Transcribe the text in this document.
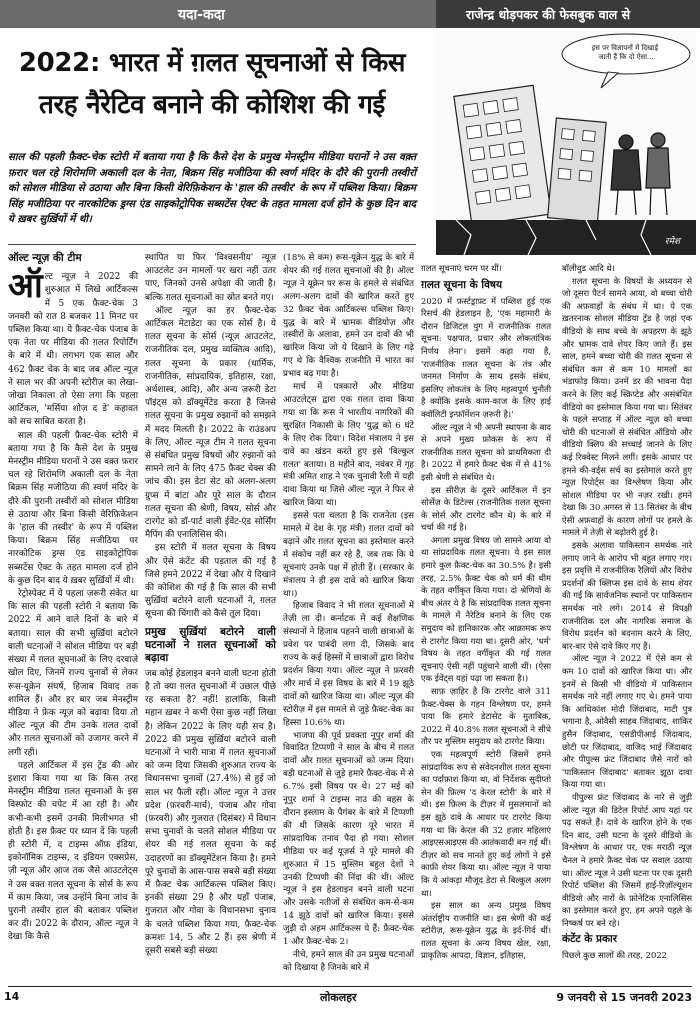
यदा-कदा	राजेन्द्र धोड़पकर की फेसबुक वाल से
2022: भारत में ग़लत सूचनाओं से किस तरह नैरेटिव बनाने की कोशिश की गई
इस पर विज्ञापनों में दिखाई जाती हैं कि दो ऐसा...
रमेश

साल की पहली फ़ैक्ट-चेक स्टोरी में बताया गया है कि कैसे देश के प्रमुख मेनस्ट्रीम मीडिया घरानों ने उस वक़्त फ़रार चल रहे शिरोमणि अकाली दल के नेता, बिक्रम सिंह मजीठिया की स्वर्ण मंदिर के दौरे की पुरानी तस्वीरों को सोशल मीडिया से उठाया और बिना किसी वेरिफ़िकेशन के 'हाल की तस्वीर' के रूप में पब्लिश किया। बिक्रम सिंह मजीठिया पर नारकोटिक ड्रग्स एंड साइकोट्रोपिक सब्सटेंस ऐक्ट के तहत मामला दर्ज होने के कुछ दिन बाद ये ख़बर सुर्ख़ियों में थी।

ऑल्ट न्यूज़ की टीम

ऑल्ट न्यूज़ ने 2022 की शुरुआत में लिखे आर्टिकल्स में 5 एक फ़ैक्ट-चेक 3 जनवरी को रात 8 बजकर 11 मिनट पर पब्लिश किया था। ये फ़ैक्ट-चेक पंजाब के एक नेता पर मीडिया की ग़लत रिपोर्टिंग के बारे में थी। लगभग एक साल और 462 फ़ैक्ट चेक के बाद जब ऑल्ट न्यूज़ ने साल भर की अपनी स्टोरीज़ का लेखा-जोखा निकाला तो ऐसा लगा कि पहला आर्टिकल, 'मर्सिया शोज़ द डे' कहावत को सच साबित करता है।

साल की पहली फ़ैक्ट-चेक स्टोरी में बताया गया है कि कैसे देश के प्रमुख मेनस्ट्रीम मीडिया घरानों ने उस वक़्त फ़रार चल रहे शिरोमणि अकाली दल के नेता बिक्रम सिंह मजीठिया की स्वर्ण मंदिर के दौरे की पुरानी तस्वीरों को सोशल मीडिया से उठाया और बिना किसी वेरिफ़िकेशन के 'हाल की तस्वीर' के रूप में पब्लिश किया। बिक्रम सिंह मजीठिया पर नारकोटिक ड्रग्स एंड साइकोट्रोपिक सब्सटेंस ऐक्ट के तहत मामला दर्ज होने के कुछ दिन बाद ये ख़बर सुर्ख़ियों में थी।

रेट्रोस्पेक्ट में ये पहला ज़रूरी संकेत था कि साल की पहली स्टोरी ने बताया कि 2022 में आने वाले दिनों के बारे में बताया। साल की सभी सुर्ख़ियां बटोरने वाली घटनाओं ने सोशल मीडिया पर बड़ी संख्या में ग़लत सूचनाओं के लिए दरवाज़े खोल दिए, जिनमें राज्य चुनावों से लेकर रूस-यूक्रेन संघर्ष, हिजाब विवाद तक शामिल हैं। और हर बार जब मेनस्ट्रीम मीडिया ने फ़ेक न्यूज़ को बढ़ावा दिया तो ऑल्ट न्यूज़ की टीम उनके ग़लत दावों और ग़लत सूचनाओं को उजागर करने में लगी रही।

पहले आर्टिकल में इस ट्रेंड की ओर इशारा किया गया था कि किस तरह मेनस्ट्रीम मीडिया ग़लत सूचनाओं के इस विस्फोट की चपेट में आ रही है। और कभी-कभी इसमें उनकी मिलीभगत भी होती है। इस फ़ैक्ट पर ध्यान दें कि पहली ही स्टोरी में, द टाइम्स ऑफ़ इंडिया, इकोनॉमिक टाइम्स, द इंडियन एक्सप्रेस, ज़ी न्यूज़ और आज तक जैसे आउटलेट्स ने उस वक़्त ग़लत सूचना के सोर्स के रूप में काम किया, जब उन्होंने बिना जांच के पुरानी तस्वीर हाल की बताकर पब्लिश कर दी। 2022 के दौरान, ऑल्ट न्यूज़ ने देखा कि कैसे

स्थापित या फिर 'विश्वसनीय' न्यूज़ आउटलेट उन मामलों पर खरा नहीं उतर पाए, जिनको उनसे अपेक्षा की जाती है। बल्कि ग़लत सूचनाओं का स्रोत बनते गए।

ऑल्ट न्यूज़ का हर फ़ैक्ट-चेक आर्टिकल मेटाडेटा का एक सोर्स है। ये ग़लत सूचना के सोर्स (न्यूज़ आउटलेट, राजनीतिक दल, प्रमुख व्यक्तित्व आदि), ग़लत सूचना के प्रकार (धार्मिक, राजनीतिक, सांप्रदायिक, इतिहास, रक्षा, अर्थशास्त्र, आदि), और अन्य ज़रूरी डेटा पॉइंट्स को डॉक्यूमेंटेड करता है जिनसे ग़लत सूचना के प्रमुख रुझानों को समझने में मदद मिलती है। 2022 के राउंडअप के लिए, ऑल्ट न्यूज़ टीम ने ग़लत सूचना से संबंधित प्रमुख विषयों और रुझानों को सामने लाने के लिए 475 फ़ैक्ट चेक्स की जांच की। इस डेटा सेट को अलग-अलग ग्रुप्स में बांटा और पूरे साल के दौरान ग़लत सूचना की श्रेणी, विषय, सोर्स और टारगेट को डॉ-पार्ट वाली ईवेंट-एंड सोर्सिंग मैपिंग की एनालिसिस की।

इस स्टोरी में ग़लत सूचना के विषय और ऐसे कंटेंट की पड़ताल की गई है जिसे हमने 2022 में देखा और ये दिखाने की कोशिश की गई है कि साल की सभी सुर्ख़ियां बटोरने वाली घटनाओं ने, ग़लत सूचना की चिंगारी को कैसे तूल दिया।

प्रमुख सुर्ख़ियां बटोरने वाली घटनाओं ने ग़लत सूचनाओं को बढ़ावा

जब कोई हेडलाइन बनने वाली घटना होती है तो क्या ग़लत सूचनाओं में उछाल पीछे रह सकता है? नहीं! हालांकि, किसी महान ख़बर ने कभी ऐसा कुछ नहीं लिखा है। लेकिन 2022 के लिए यही सच है। 2022 की प्रमुख सुर्ख़ियां बटोरने वाली घटनाओं ने भारी मात्रा में ग़लत सूचनाओं को जन्म दिया जिसकी शुरुआत राज्य के विधानसभा चुनावों (27.4%) से हुई जो साल भर फैली रही। ऑल्ट न्यूज़ ने उत्तर प्रदेश (फ़रवरी-मार्च), पंजाब और गोवा (फ़रवरी) और गुजरात (दिसंबर) में विधान सभा चुनावों के चलते सोशल मीडिया पर शेयर की गई ग़लत सूचना के कई उदाहरणों का डॉक्यूमेंटेशन किया है। हमने पूरे चुनावों के आस-पास सबसे बड़ी संख्या में फ़ैक्ट चेक आर्टिकल्स पब्लिश किए। इनकी संख्या 29 है और यहाँ पंजाब, गुजरात और गोवा के विधानसभा चुनाव के चलते पब्लिश किया गया, फ़ैक्ट-चेक क्रमशः 14, 5 और 2 हैं। इस श्रेणी में दूसरी सबसे बड़ी संख्या

(18% से कम) रूस-यूक्रेन युद्ध के बारे में शेयर की गई ग़लत सूचनाओं की है। ऑल्ट न्यूज़ ने यूक्रेन पर रूस के हमले से संबंधित अलग-अलग दावों की खारिज करते हुए 32 फ़ैक्ट चेक आर्टिकल्स पब्लिश किए। युद्ध के बारे में भ्रामक वीडियोज़ और तस्वीरों के अलावा, हमने उन दावों की भी खारिज किया जो ये दिखाने के लिए गढ़े गए थे कि वैश्विक राजनीति में भारत का प्रभाव बढ़ गया है।

मार्च में पत्रकारों और मीडिया आउटलेट्स द्वारा एक ग़लत दावा किया गया था कि रूस ने भारतीय नागरिकों की सुरक्षित निकासी के लिए 'युद्ध को 6 घंटे के लिए रोक दिया'। विदेश मंत्रालय ने इस दावे का खंडन करते हुए इसे 'बिल्कुल ग़लत' बताया। 8 महीने बाद, नवंबर में गृह मंत्री अमित शाह ने एक चुनावी रैली में यही दावा किया था जिसे ऑल्ट न्यूज़ ने फिर से खारिज किया था।

इससे पता चलता है कि राजनेता (इस मामले में देश के गृह मंत्री) ग़लत दावों को बढ़ाने और ग़लत सूचना का इस्तेमाल करने में संकोच नहीं कर रहे हैं, जब तक कि ये सूचनाएं उनके पक्ष में होती हैं। (सरकार के मंत्रालय ने ही इस दावे को खारिज किया था।)

हिजाब विवाद ने भी ग़लत सूचनाओं में तेज़ी ला दी। कर्नाटक में कई शैक्षणिक संस्थानों ने हिजाब पहनने वाली छात्राओं के प्रवेश पर पाबंदी लगा दी, जिसके बाद राज्य के कई हिस्सों में छात्राओं द्वारा विरोध प्रदर्शन किया गया। ऑल्ट न्यूज़ ने फ़रवरी और मार्च में इस विषय के बारे में 19 झूठे दावों को खारिज किया था। ऑल्ट न्यूज़ की स्टोरीज़ में इस मामले से जुड़े फ़ैक्ट-चेक का हिस्सा 10.6% था।

भाजपा की पूर्व प्रवक्ता नूपुर शर्मा की विवादित टिप्पणी ने साल के बीच में ग़लत दावों और ग़लत सूचनाओं को जन्म दिया। बड़ी घटनाओं से जुड़े हमारे फ़ैक्ट-चेक में से 6.7% इसी विषय पर थे। 27 मई को नूपुर शर्मा ने टाइम्स नाउ की बहस के दौरान इस्लाम के पैगंबर के बारे में टिप्पणी की थी जिसके कारण पूरे भारत में सांप्रदायिक तनाव पैदा हो गया। सोशल मीडिया पर कई यूज़र्स ने पूरे मामले की शुरुआत में 15 मुस्लिम बहुल देशों ने उनकी टिप्पणी की निंदा की थी। ऑल्ट न्यूज़ ने इस हेडलाइन बनने वाली घटना और उसके नतीजों से संबंधित कम-से-कम 14 झूठे दावों को खारिज किया। इससे जुड़ी दो अहम आर्टिकल्स ये हैं: फ़ैक्ट-चेक 1 और फ़ैक्ट-चेक 2।

नीचे, हमने साल की उन प्रमुख घटनाओं को दिखाया है जिनके बारे में

ग़लत सूचनाएं चरम पर थीं।

ग़लत सूचना के विषय

2020 में फ़र्स्टड्राफ़्ट में पब्लिश हुई एक रिसर्च की हेडलाइन है, 'एक महामारी के दौरान डिजिटल युग में राजनीतिक ग़लत सूचना: पक्षपात, प्रचार और लोकतांत्रिक निर्णय लेना'। इसमें कहा गया है, 'राजनीतिक ग़लत सूचना के तंत्र और जनमत निर्माण के साथ इसके संबंध, इसलिए लोकतंत्र के लिए महत्वपूर्ण चुनौती है क्योंकि इसके काम-काज के लिए हाई क्वॉलिटी इन्फ़ॉर्मेशन ज़रूरी है।'

ऑल्ट न्यूज़ ने भी अपनी स्थापना के बाद से अपने मुख्य फ़ोकस के रूप में राजनीतिक ग़लत सूचना को प्राथमिकता दी है। 2022 में हमारे फ़ैक्ट चेक में से 41% इसी श्रेणी से संबंधित थे।

इस सीरीज़ के दूसरे आर्टिकल में इन सोर्सेज़ के डिटेल्स (राजनीतिक ग़लत सूचना के सोर्स और टारगेट कौन थे) के बारे में चर्चा की गई है।

अगला प्रमुख विषय जो सामने आया वो था सांप्रदायिक ग़लत सूचना। ये इस साल हमारे कुल फ़ैक्ट-चेक का 30.5% है। इसी तरह, 2.5% फ़ैक्ट चेक को धर्म की थीम के तहत वर्गीकृत किया गया। दो श्रेणियों के बीच अंतर ये है कि सांप्रदायिक ग़लत सूचना के मामले में नैरेटिव बनाने के लिए एक समुदाय को हानिकारक और आक्रामक रूप से टारगेट किया गया था। दूसरी ओर, 'धर्म' विषय के तहत वर्गीकृत की गई ग़लत सूचनाएं ऐसी नहीं पहुंचाने वाली थीं। (ऐसा एक ईवेंट्स यहां पढ़ा जा सकता है।)

साफ़ ज़ाहिर है कि टारगेट वाले 311 फ़ैक्ट-चेक्स के गहन विश्लेषण पर, हमने पाया कि हमारे डेटासेट के मुताबिक़, 2022 में 40.8% ग़लत सूचनाओं ने सीधे तौर पर मुस्लिम समुदाय को टारगेट किया।

एक महत्वपूर्ण स्टोरी जिसमें हमने सांप्रदायिक रूप से संवेदनशील ग़लत सूचना का पर्दाफ़ाश किया था, वो निर्देशक सुदीप्तो सेन की फ़िल्म 'द केरल स्टोरी' के बारे में थी। इस फ़िल्म के टीज़र में मुसलमानों को इस झूठे दावे के आधार पर टारगेट किया गया था कि केरल की 32 हज़ार महिलाएं आइएसआइएस की आतंकवादी बन गई थीं। टीज़र को सच मानते हुए कई लोगों ने इसे काफ़ी शेयर किया था। ऑल्ट न्यूज़ ने पाया कि ये आंकड़ा मौजूद डेटा से बिल्कुल अलग था।

इस साल का अन्य प्रमुख विषय अंतर्राष्ट्रीय राजनीति था। इस श्रेणी की कई स्टोरीज़, रूस-यूक्रेन युद्ध के इर्द-गिर्द थीं। ग़लत सूचना के अन्य विषय खेल, रक्षा, प्राकृतिक आपदा, विज्ञान, इतिहास,

बॉलीवुड आदि थे।

ग़लत सूचना के विषयों के अध्ययन से जो दूसरा पैटर्न सामने आया, वो बच्चा चोरी की अफ़वाहों के संबंध में था। ये एक ख़तरनाक सोशल मीडिया ट्रेंड है जहां एक वीडियो के साथ बच्चे के अपहरण के झूठे और भ्रामक दावे शेयर किए जाते हैं। इस साल, हमने बच्चा चोरी की ग़लत सूचना से संबंधित कम से कम 10 मामलों का भंडाफोड़ किया। उनमें डर की भावना पैदा करने के लिए कई स्क्रिप्टेड और असंबंधित वीडियो का इस्तेमाल किया गया था। सितंबर के पहले सप्ताह में ऑल्ट न्यूज़ को बच्चा चोरी की घटनाओं से संबंधित ऑडियो और वीडियो क्लिप की सच्चाई जानने के लिए कई रिक्वेस्ट मिलने लगीं। इसके आधार पर हमने की-वर्ड्स सर्च का इस्तेमाल करते हुए न्यूज़ रिपोर्ट्स का विश्लेषण किया और सोशल मीडिया पर भी नज़र रखी। हमने देखा कि 30 अगस्त से 13 सितंबर के बीच ऐसी अफ़वाहों के कारण लोगों पर हमले के मामले में तेज़ी से बढ़ोतरी हुई है।

इसके अलावा पाकिस्तान समर्थक नारे लगाए जाने के आरोप भी बहुत लगाए गए। इस प्रवृत्ति में राजनीतिक रैलियों और विरोध प्रदर्शनों की क्लिप्स इस दावे के साथ शेयर की गईं कि सार्वजनिक स्थानों पर पाकिस्तान समर्थक नारे लगे। 2014 से विपक्षी राजनीतिक दल और नागरिक समाज के विरोध प्रदर्शन को बदनाम करने के लिए, बार-बार ऐसे दावे किए गए हैं।

ऑल्ट न्यूज़ ने 2022 में ऐसे कम से कम 10 दावों को खारिज किया था। और इनमें से किसी भी वीडियो में पाकिस्तान समर्थक नारे नहीं लगाए गए थे। हमने पाया कि आधिकांश मोदी जिंदाबाद, माटी पुत्र भगाना है, ओवैसी साहब जिंदाबाद, शाकिर हुसैन जिंदाबाद, एसडीपीआई जिंदाबाद, छोटी पर जिंदाबाद, वाजिद भाई जिंदाबाद और पीपुल्स फ्रंट जिंदाबाद जैसे नारों को 'पाकिस्तान जिंदाबाद' बताकर झूठा दावा किया गया था।

पीपुल्स फ्रंट जिंदाबाद के नारे से जुड़ी ऑल्ट न्यूज़ की डिटेल रिपोर्ट आप यहां पर पढ़ सकते हैं। दावे के खारिज होने के एक दिन बाद, उसी घटना के दूसरे वीडियो के विश्लेषण के आधार पर, एक मराठी न्यूज़ चैनल ने हमारे फ़ैक्ट चेक पर सवाल उठाया था। ऑल्ट न्यूज़ ने उसी घटना पर एक दूसरी रिपोर्ट पब्लिश की जिसमें हाई-रिज़ॉल्यूशन वीडियो और नारों के फ़ोनेटिक एनालिसिस का इस्तेमाल करते हुए, हम अपने पहले के निष्कर्ष पर बने रहे।

कंटेंट के प्रकार

पिछले कुछ सालों की तरह, 2022

14	लोकलहर	9 जनवरी से 15 जनवरी 2023
